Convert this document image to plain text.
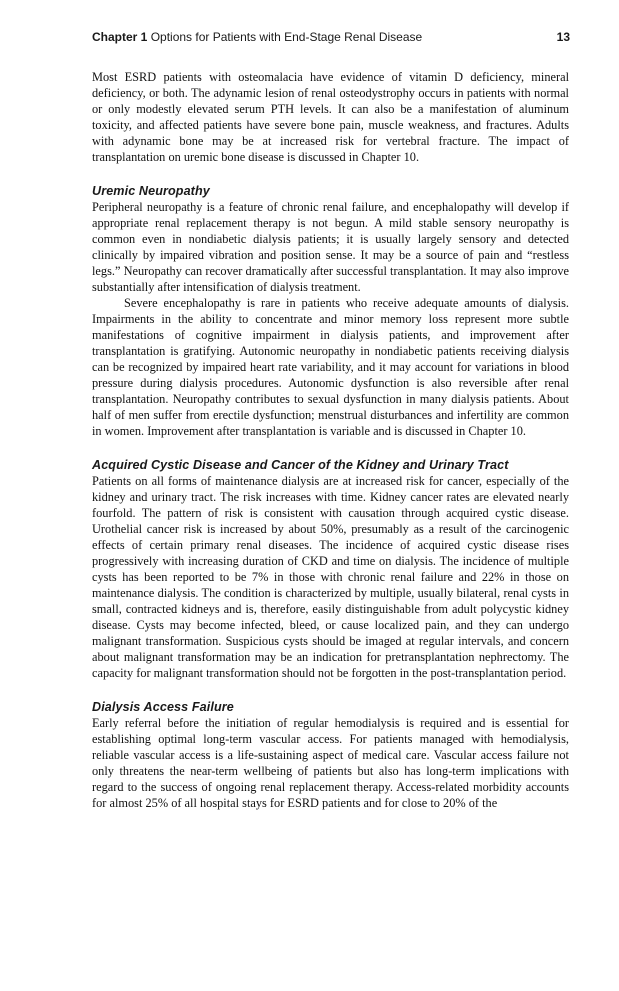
Chapter 1 Options for Patients with End-Stage Renal Disease	13

Most ESRD patients with osteomalacia have evidence of vitamin D deficiency, mineral deficiency, or both. The adynamic lesion of renal osteodystrophy occurs in patients with normal or only modestly elevated serum PTH levels. It can also be a manifestation of aluminum toxicity, and affected patients have severe bone pain, muscle weakness, and fractures. Adults with adynamic bone may be at increased risk for vertebral fracture. The impact of transplantation on uremic bone disease is discussed in Chapter 10.

Uremic Neuropathy

Peripheral neuropathy is a feature of chronic renal failure, and encephalopathy will develop if appropriate renal replacement therapy is not begun. A mild stable sensory neuropathy is common even in nondiabetic dialysis patients; it is usually largely sensory and detected clinically by impaired vibration and position sense. It may be a source of pain and “restless legs.” Neuropathy can recover dramatically after successful transplantation. It may also improve substantially after intensification of dialysis treatment.

Severe encephalopathy is rare in patients who receive adequate amounts of dialysis. Impairments in the ability to concentrate and minor memory loss represent more subtle manifestations of cognitive impairment in dialysis patients, and improvement after transplantation is gratifying. Autonomic neuropathy in nondiabetic patients receiving dialysis can be recognized by impaired heart rate variability, and it may account for variations in blood pressure during dialysis procedures. Autonomic dysfunction is also reversible after renal transplantation. Neuropathy contributes to sexual dysfunction in many dialysis patients. About half of men suffer from erectile dysfunction; menstrual disturbances and infertility are common in women. Improvement after transplantation is variable and is discussed in Chapter 10.

Acquired Cystic Disease and Cancer of the Kidney and Urinary Tract

Patients on all forms of maintenance dialysis are at increased risk for cancer, especially of the kidney and urinary tract. The risk increases with time. Kidney cancer rates are elevated nearly fourfold. The pattern of risk is consistent with causation through acquired cystic disease. Urothelial cancer risk is increased by about 50%, presumably as a result of the carcinogenic effects of certain primary renal diseases. The incidence of acquired cystic disease rises progressively with increasing duration of CKD and time on dialysis. The incidence of multiple cysts has been reported to be 7% in those with chronic renal failure and 22% in those on maintenance dialysis. The condition is characterized by multiple, usually bilateral, renal cysts in small, contracted kidneys and is, therefore, easily distinguishable from adult polycystic kidney disease. Cysts may become infected, bleed, or cause localized pain, and they can undergo malignant transformation. Suspicious cysts should be imaged at regular intervals, and concern about malignant transformation may be an indication for pretransplantation nephrectomy. The capacity for malignant transformation should not be forgotten in the post-transplantation period.

Dialysis Access Failure

Early referral before the initiation of regular hemodialysis is required and is essential for establishing optimal long-term vascular access. For patients managed with hemodialysis, reliable vascular access is a life-sustaining aspect of medical care. Vascular access failure not only threatens the near-term wellbeing of patients but also has long-term implications with regard to the success of ongoing renal replacement therapy. Access-related morbidity accounts for almost 25% of all hospital stays for ESRD patients and for close to 20% of the
